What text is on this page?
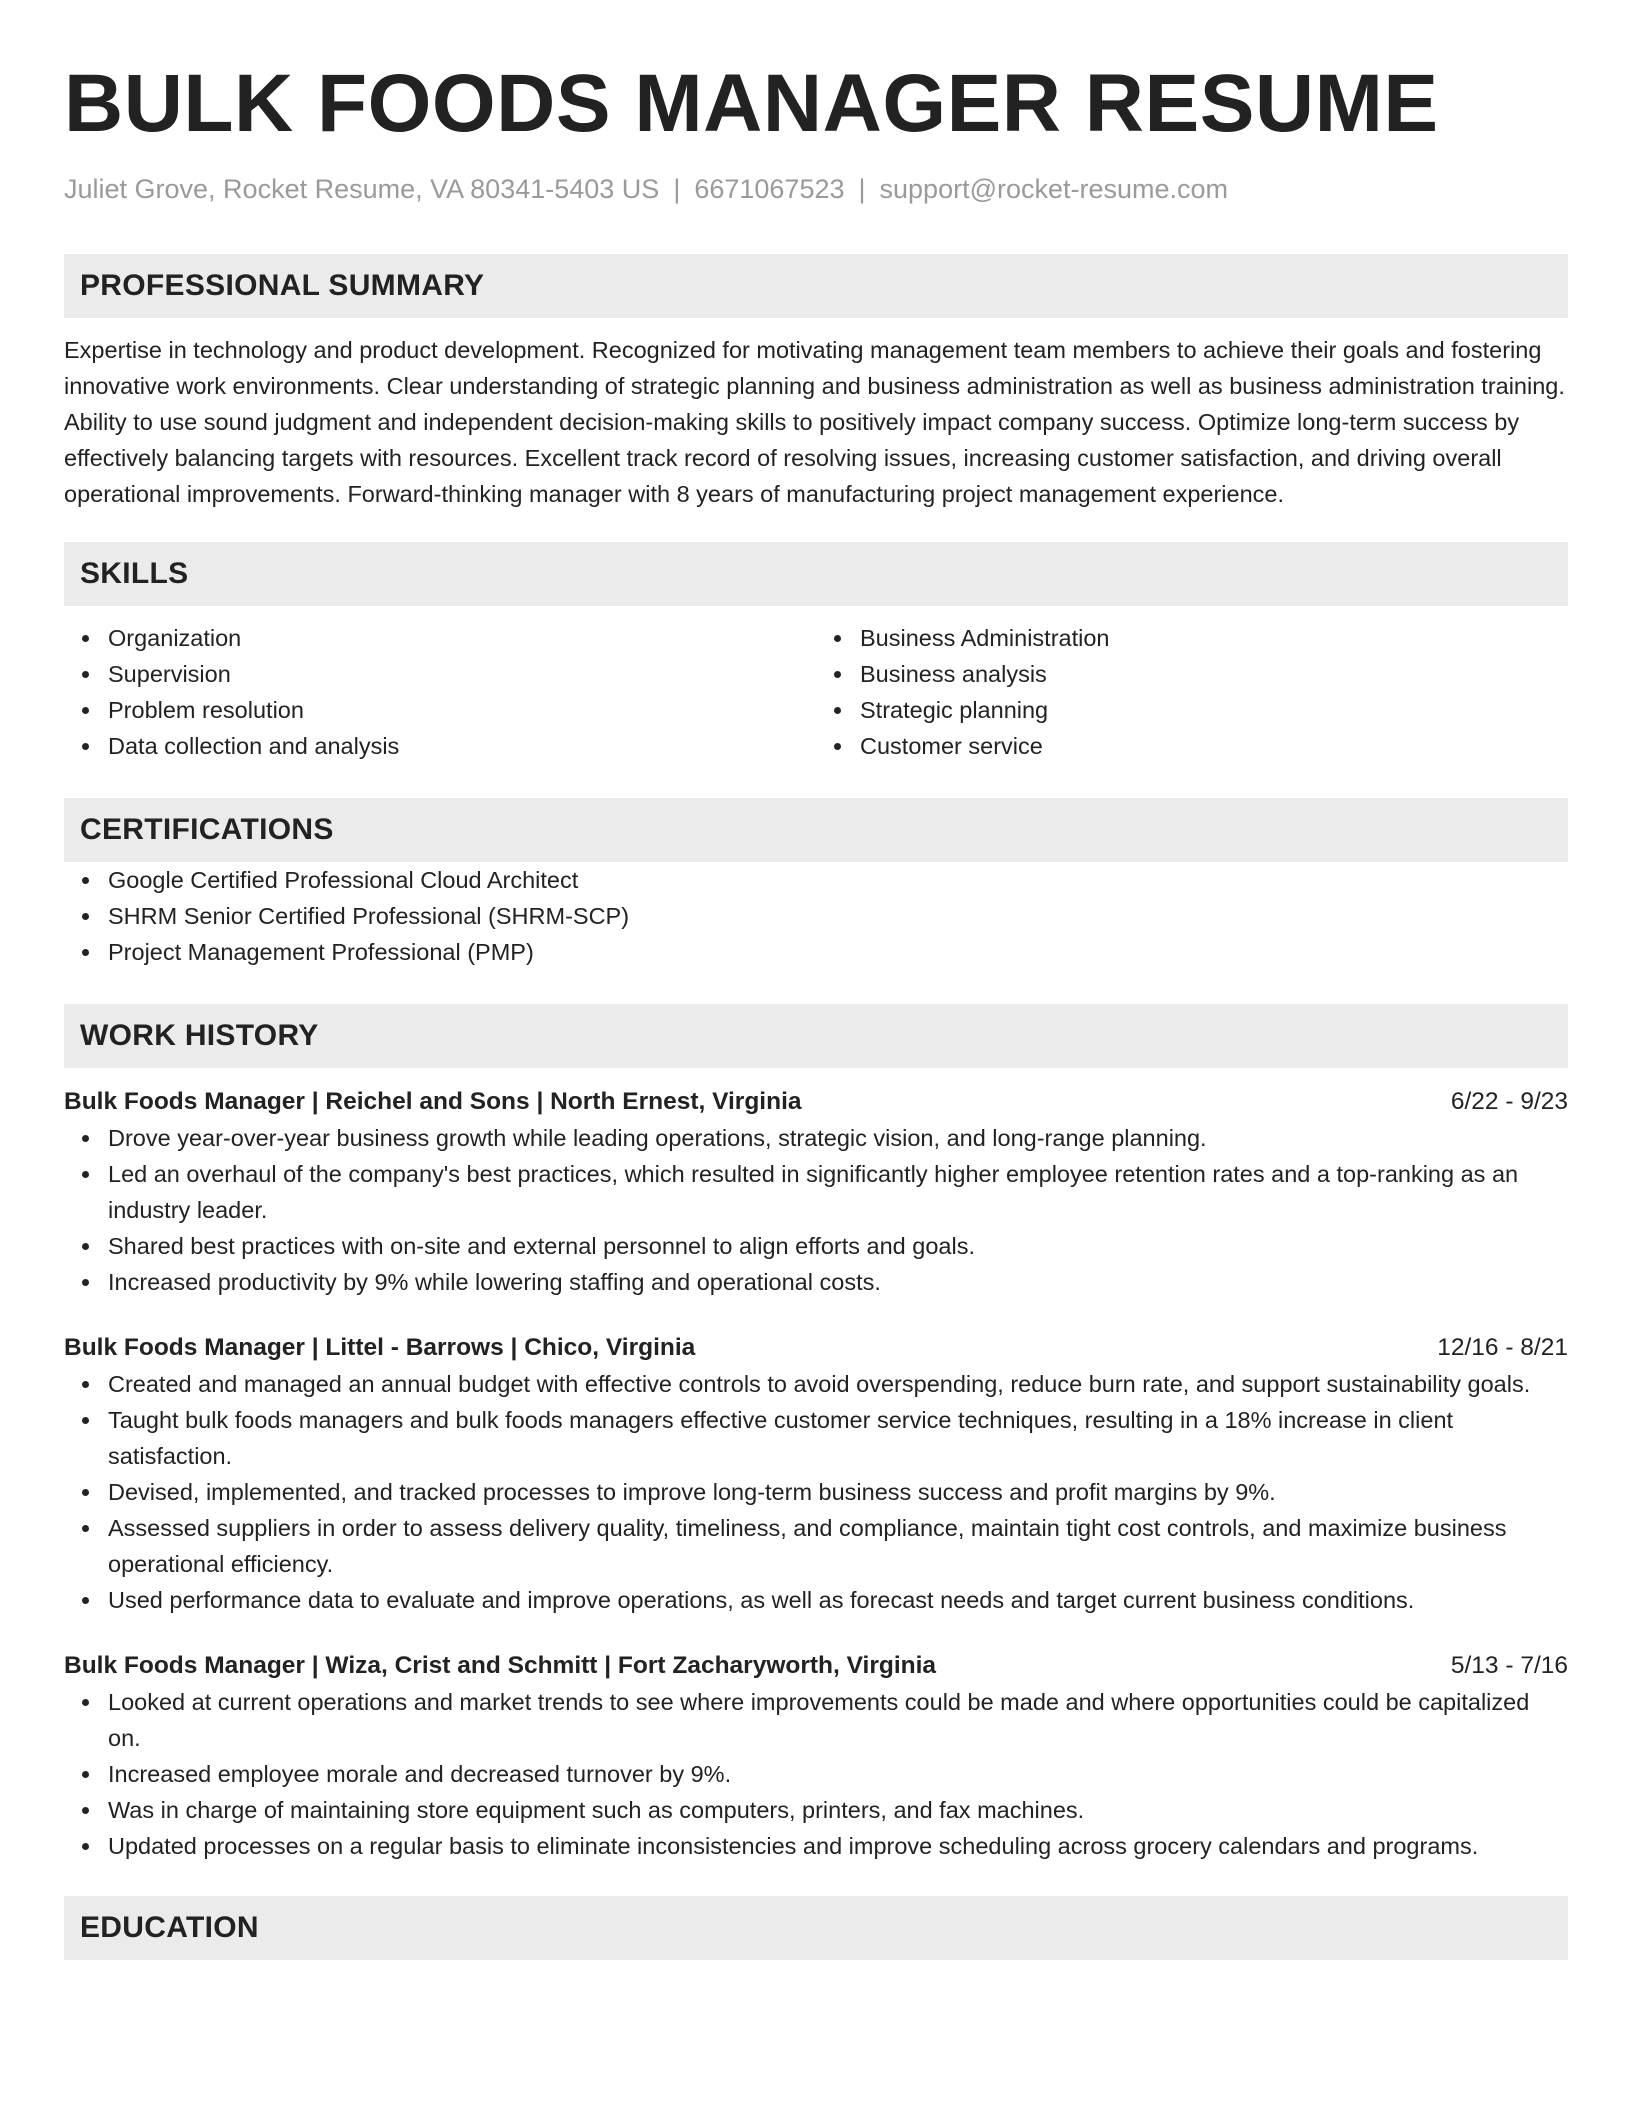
BULK FOODS MANAGER RESUME
Juliet Grove, Rocket Resume, VA 80341-5403 US | 6671067523 | support@rocket-resume.com
PROFESSIONAL SUMMARY

Expertise in technology and product development. Recognized for motivating management team members to achieve their goals and fostering innovative work environments. Clear understanding of strategic planning and business administration as well as business administration training. Ability to use sound judgment and independent decision-making skills to positively impact company success. Optimize long-term success by effectively balancing targets with resources. Excellent track record of resolving issues, increasing customer satisfaction, and driving overall operational improvements. Forward-thinking manager with 8 years of manufacturing project management experience.

SKILLS
Organization
Supervision
Problem resolution
Data collection and analysis
Business Administration
Business analysis
Strategic planning
Customer service
CERTIFICATIONS
Google Certified Professional Cloud Architect
SHRM Senior Certified Professional (SHRM-SCP)
Project Management Professional (PMP)
WORK HISTORY
Bulk Foods Manager | Reichel and Sons | North Ernest, Virginia	6/22 - 9/23
Drove year-over-year business growth while leading operations, strategic vision, and long-range planning.
Led an overhaul of the company's best practices, which resulted in significantly higher employee retention rates and a top-ranking as an industry leader.
Shared best practices with on-site and external personnel to align efforts and goals.
Increased productivity by 9% while lowering staffing and operational costs.
Bulk Foods Manager | Littel - Barrows | Chico, Virginia	12/16 - 8/21
Created and managed an annual budget with effective controls to avoid overspending, reduce burn rate, and support sustainability goals.
Taught bulk foods managers and bulk foods managers effective customer service techniques, resulting in a 18% increase in client satisfaction.
Devised, implemented, and tracked processes to improve long-term business success and profit margins by 9%.
Assessed suppliers in order to assess delivery quality, timeliness, and compliance, maintain tight cost controls, and maximize business operational efficiency.
Used performance data to evaluate and improve operations, as well as forecast needs and target current business conditions.
Bulk Foods Manager | Wiza, Crist and Schmitt | Fort Zacharyworth, Virginia	5/13 - 7/16
Looked at current operations and market trends to see where improvements could be made and where opportunities could be capitalized on.
Increased employee morale and decreased turnover by 9%.
Was in charge of maintaining store equipment such as computers, printers, and fax machines.
Updated processes on a regular basis to eliminate inconsistencies and improve scheduling across grocery calendars and programs.
EDUCATION
